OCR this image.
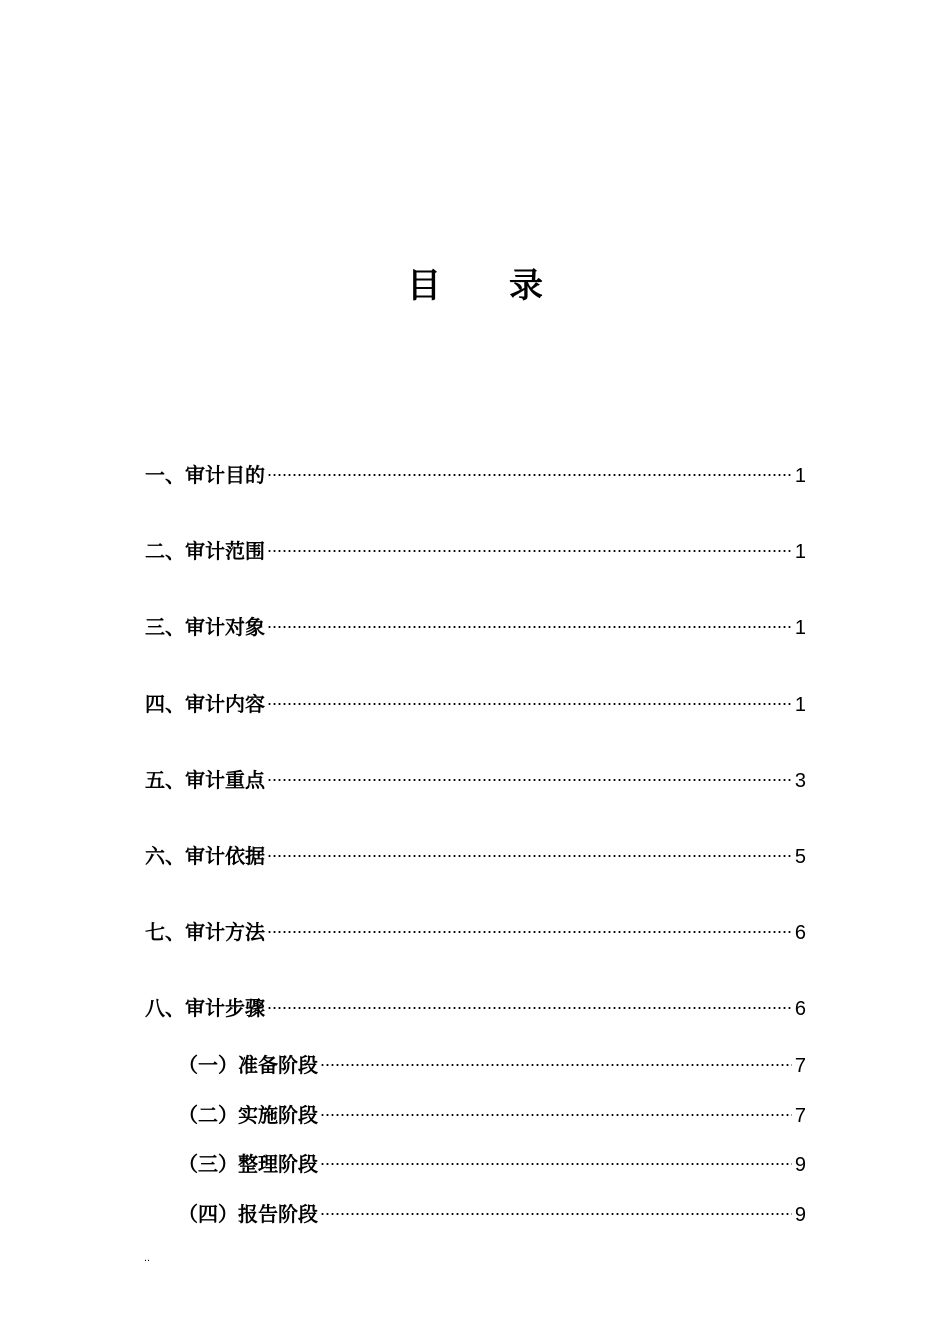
目　　录
一、审计目的	1
二、审计范围	1
三、审计对象	1
四、审计内容	1
五、审计重点	3
六、审计依据	5
七、审计方法	6
八、审计步骤	6
（一）准备阶段	7
（二）实施阶段	7
（三）整理阶段	9
（四）报告阶段	9
..
